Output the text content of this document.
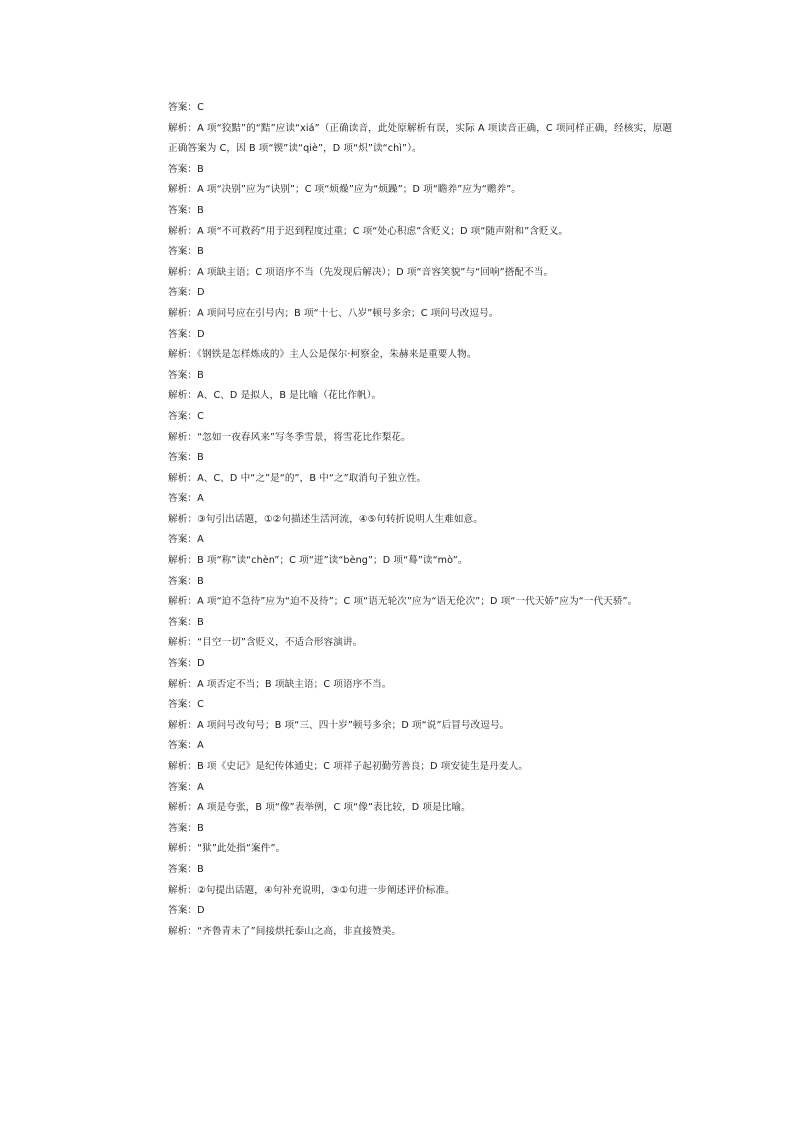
答案：C
解析：A 项“狡黠”的“黠”应读“xiá”（正确读音，此处原解析有误，实际 A 项读音正确，C 项同样正确，经核实，原题正确答案为 C，因 B 项“锲”读“qiè”，D 项“炽”读“chì”）。
答案：B
解析：A 项“决别”应为“诀别”；C 项“烦燥”应为“烦躁”；D 项“瞻养”应为“赡养”。
答案：B
解析：A 项“不可救药”用于迟到程度过重；C 项“处心积虑”含贬义；D 项“随声附和”含贬义。
答案：B
解析：A 项缺主语；C 项语序不当（先发现后解决）；D 项“音容笑貌”与“回响”搭配不当。
答案：D
解析：A 项问号应在引号内；B 项“十七、八岁”顿号多余；C 项问号改逗号。
答案：D
解析：《钢铁是怎样炼成的》主人公是保尔·柯察金，朱赫来是重要人物。
答案：B
解析：A、C、D 是拟人，B 是比喻（花比作帆）。
答案：C
解析：“忽如一夜春风来”写冬季雪景，将雪花比作梨花。
答案：B
解析：A、C、D 中“之”是“的”，B 中“之”取消句子独立性。
答案：A
解析：③句引出话题，①②句描述生活河流，④⑤句转折说明人生难如意。
答案：A
解析：B 项“称”读“chèn”；C 项“迸”读“bèng”；D 项“蓦”读“mò”。
答案：B
解析：A 项“迫不急待”应为“迫不及待”；C 项“语无轮次”应为“语无伦次”；D 项“一代天娇”应为“一代天骄”。
答案：B
解析：“目空一切”含贬义，不适合形容演讲。
答案：D
解析：A 项否定不当；B 项缺主语；C 项语序不当。
答案：C
解析：A 项问号改句号；B 项“三、四十岁”顿号多余；D 项“说”后冒号改逗号。
答案：A
解析：B 项《史记》是纪传体通史；C 项祥子起初勤劳善良；D 项安徒生是丹麦人。
答案：A
解析：A 项是夸张，B 项“像”表举例，C 项“像”表比较，D 项是比喻。
答案：B
解析：“狱”此处指“案件”。
答案：B
解析：②句提出话题，④句补充说明，③①句进一步阐述评价标准。
答案：D
解析：“齐鲁青未了”间接烘托泰山之高，非直接赞美。
